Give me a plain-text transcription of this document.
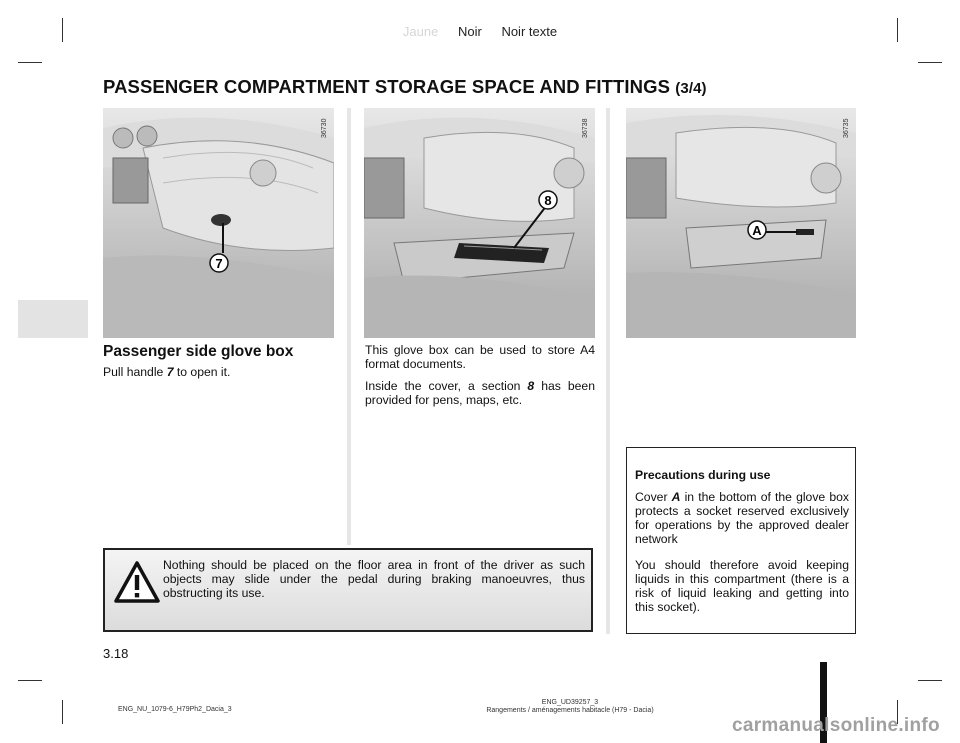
Jaune Noir Noir texte
PASSENGER COMPARTMENT STORAGE SPACE AND FITTINGS (3/4)
7
36730
8
36738
A
36735
Passenger side glove box
Pull handle 7 to open it.
This glove box can be used to store A4 format documents.
Inside the cover, a section 8 has been provided for pens, maps, etc.
Nothing should be placed on the floor area in front of the driver as such objects may slide under the pedal during braking manoeuvres, thus obstructing its use.
Precautions during use
Cover A in the bottom of the glove box protects a socket reserved exclusively for operations by the approved dealer network
You should therefore avoid keeping liquids in this compartment (there is a risk of liquid leaking and getting into this socket).
3.18
ENG_NU_1079-6_H79Ph2_Dacia_3
ENG_UD39257_3
Rangements / aménagements habitacle (H79 - Dacia)
carmanualsonline.info
